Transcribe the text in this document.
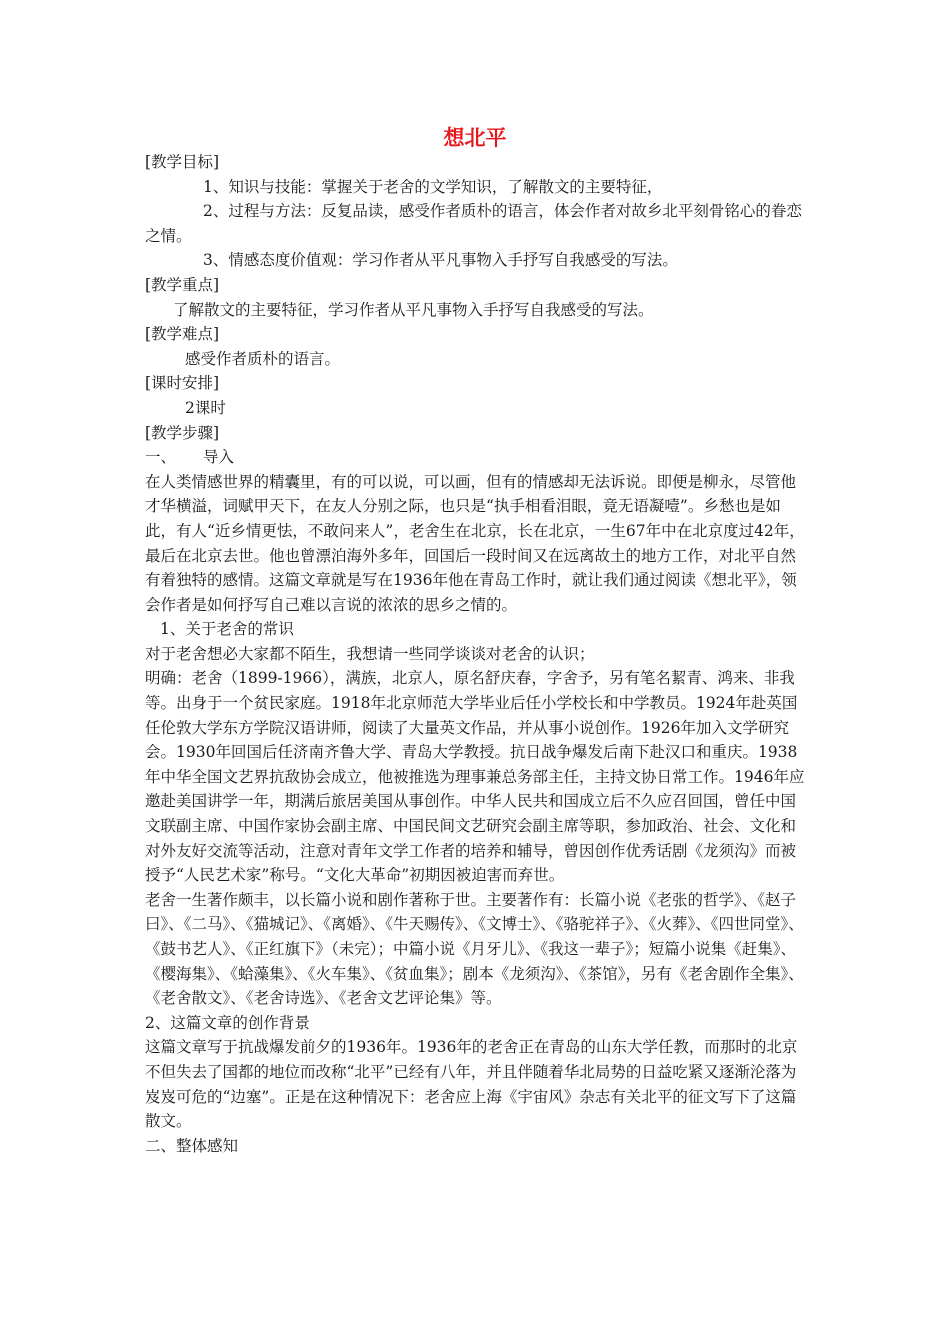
想北平

[教学目标]

1、知识与技能：掌握关于老舍的文学知识，了解散文的主要特征，

2、过程与方法：反复品读，感受作者质朴的语言，体会作者对故乡北平刻骨铭心的眷恋之情。

3、情感态度价值观：学习作者从平凡事物入手抒写自我感受的写法。

[教学重点]

了解散文的主要特征，学习作者从平凡事物入手抒写自我感受的写法。

[教学难点]

感受作者质朴的语言。

[课时安排]

2课时

[教学步骤]

一、 导入

在人类情感世界的精囊里，有的可以说，可以画，但有的情感却无法诉说。即便是柳永，尽管他才华横溢，词赋甲天下，在友人分别之际，也只是“执手相看泪眼，竟无语凝噎”。乡愁也是如此，有人“近乡情更怯，不敢问来人”，老舍生在北京，长在北京，一生67年中在北京度过42年，最后在北京去世。他也曾漂泊海外多年，回国后一段时间又在远离故土的地方工作，对北平自然有着独特的感情。这篇文章就是写在1936年他在青岛工作时，就让我们通过阅读《想北平》，领会作者是如何抒写自己难以言说的浓浓的思乡之情的。

1、关于老舍的常识

对于老舍想必大家都不陌生，我想请一些同学谈谈对老舍的认识；

明确：老舍（1899-1966），满族，北京人，原名舒庆春，字舍予，另有笔名絜青、鸿来、非我等。出身于一个贫民家庭。1918年北京师范大学毕业后任小学校长和中学教员。1924年赴英国任伦敦大学东方学院汉语讲师，阅读了大量英文作品，并从事小说创作。1926年加入文学研究会。1930年回国后任济南齐鲁大学、青岛大学教授。抗日战争爆发后南下赴汉口和重庆。1938年中华全国文艺界抗敌协会成立，他被推选为理事兼总务部主任，主持文协日常工作。1946年应邀赴美国讲学一年，期满后旅居美国从事创作。中华人民共和国成立后不久应召回国，曾任中国文联副主席、中国作家协会副主席、中国民间文艺研究会副主席等职，参加政治、社会、文化和对外友好交流等活动，注意对青年文学工作者的培养和辅导，曾因创作优秀话剧《龙须沟》而被授予“人民艺术家”称号。“文化大革命”初期因被迫害而弃世。

老舍一生著作颇丰，以长篇小说和剧作著称于世。主要著作有：长篇小说《老张的哲学》、《赵子曰》、《二马》、《猫城记》、《离婚》、《牛天赐传》、《文博士》、《骆驼祥子》、《火葬》、《四世同堂》、《鼓书艺人》、《正红旗下》（未完）；中篇小说《月牙儿》、《我这一辈子》；短篇小说集《赶集》、《樱海集》、《蛤藻集》、《火车集》、《贫血集》；剧本《龙须沟》、《茶馆》，另有《老舍剧作全集》、《老舍散文》、《老舍诗选》、《老舍文艺评论集》等。

2、这篇文章的创作背景

这篇文章写于抗战爆发前夕的1936年。1936年的老舍正在青岛的山东大学任教，而那时的北京不但失去了国都的地位而改称“北平”已经有八年，并且伴随着华北局势的日益吃紧又逐渐沦落为岌岌可危的“边塞”。正是在这种情况下：老舍应上海《宇宙风》杂志有关北平的征文写下了这篇散文。

二、整体感知
